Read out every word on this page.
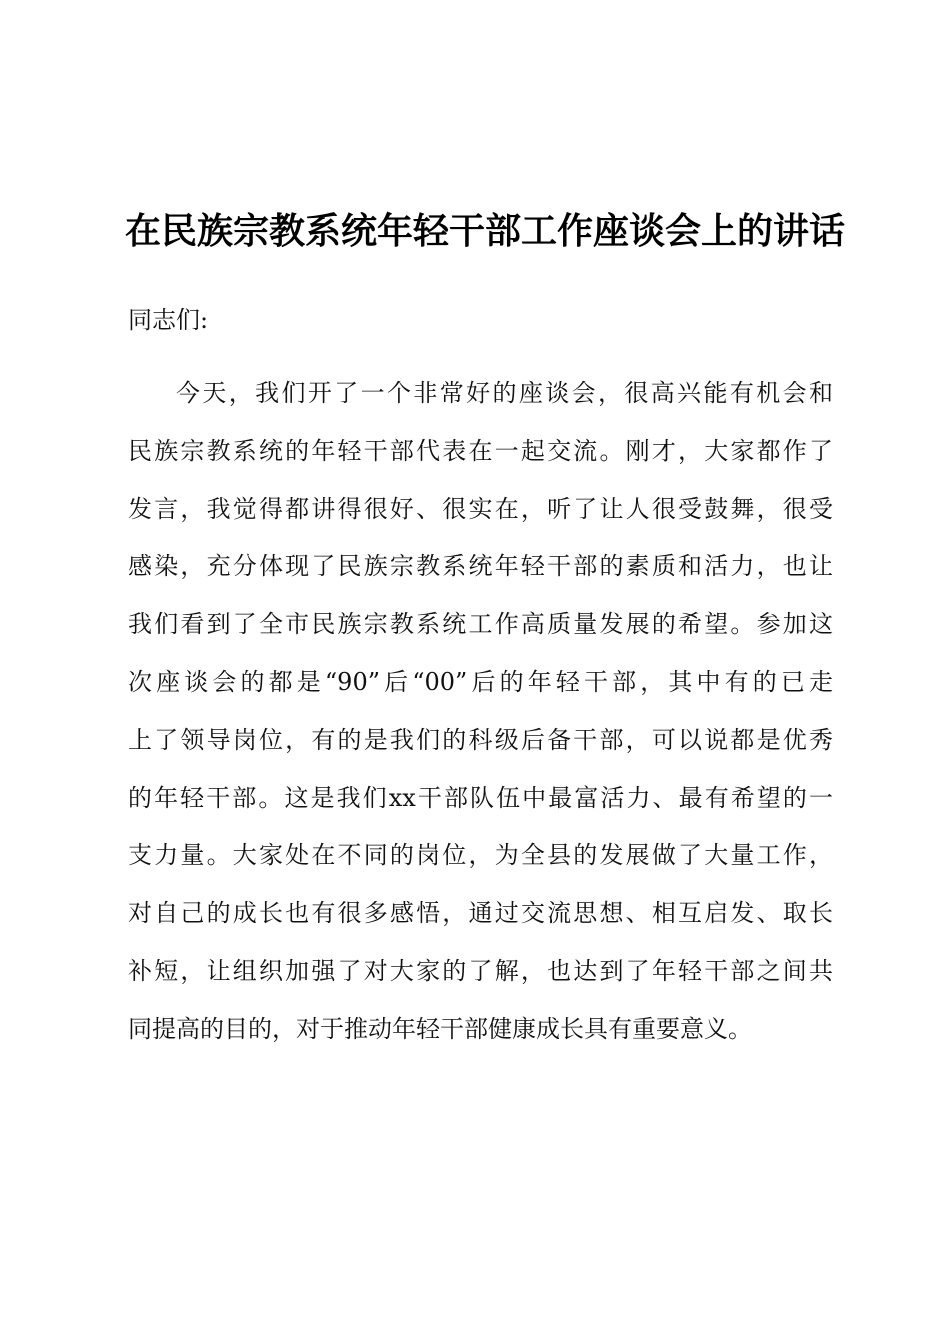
在民族宗教系统年轻干部工作座谈会上的讲话

同志们:

今天，我们开了一个非常好的座谈会，很高兴能有机会和
民族宗教系统的年轻干部代表在一起交流。刚才，大家都作了
发言，我觉得都讲得很好、很实在，听了让人很受鼓舞，很受
感染，充分体现了民族宗教系统年轻干部的素质和活力，也让
我们看到了全市民族宗教系统工作高质量发展的希望。参加这
次座谈会的都是“90”后“00”后的年轻干部，其中有的已走
上了领导岗位，有的是我们的科级后备干部，可以说都是优秀
的年轻干部。这是我们xx干部队伍中最富活力、最有希望的一
支力量。大家处在不同的岗位，为全县的发展做了大量工作，
对自己的成长也有很多感悟，通过交流思想、相互启发、取长
补短，让组织加强了对大家的了解，也达到了年轻干部之间共
同提高的目的，对于推动年轻干部健康成长具有重要意义。
